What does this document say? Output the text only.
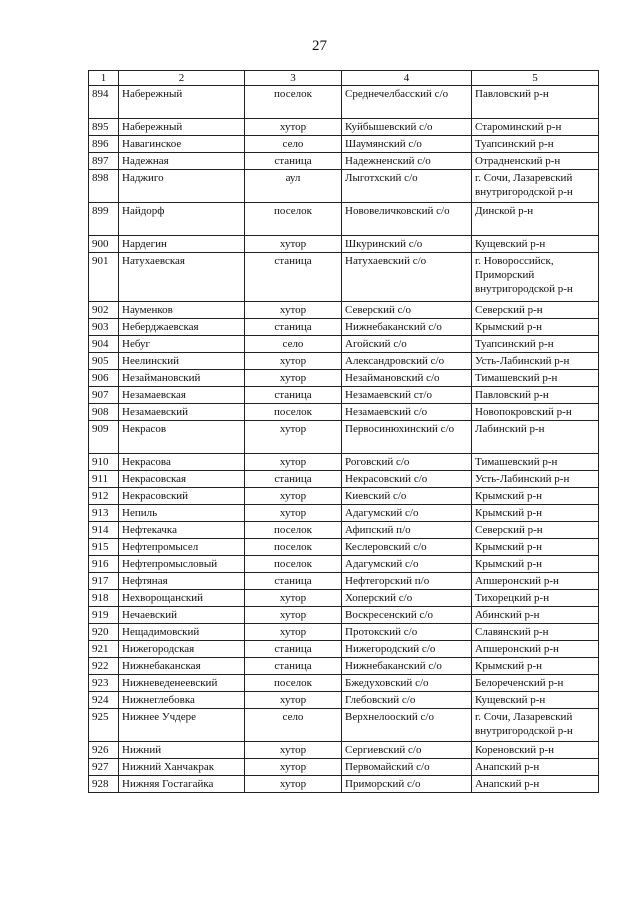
27
1	2	3	4	5
894	Набережный	поселок	Среднечелбасский с/о	Павловский р-н
895	Набережный	хутор	Куйбышевский с/о	Староминский р-н
896	Навагинское	село	Шаумянский с/о	Туапсинский р-н
897	Надежная	станица	Надежненский с/о	Отрадненский р-н
898	Наджиго	аул	Лыготхский с/о	г. Сочи, Лазаревский внутригородской р-н
899	Найдорф	поселок	Нововеличковский с/о	Динской р-н
900	Нардегин	хутор	Шкуринский с/о	Кущевский р-н
901	Натухаевская	станица	Натухаевский с/о	г. Новороссийск, Приморский внутригородской р-н
902	Науменков	хутор	Северский с/о	Северский р-н
903	Неберджаевская	станица	Нижнебаканский с/о	Крымский р-н
904	Небуг	село	Агойский с/о	Туапсинский р-н
905	Неелинский	хутор	Александровский с/о	Усть-Лабинский р-н
906	Незаймановский	хутор	Незаймановский с/о	Тимашевский р-н
907	Незамаевская	станица	Незамаевский ст/о	Павловский р-н
908	Незамаевский	поселок	Незамаевский с/о	Новопокровский р-н
909	Некрасов	хутор	Первосинюхинский с/о	Лабинский р-н
910	Некрасова	хутор	Роговский с/о	Тимашевский р-н
911	Некрасовская	станица	Некрасовский с/о	Усть-Лабинский р-н
912	Некрасовский	хутор	Киевский с/о	Крымский р-н
913	Непиль	хутор	Адагумский с/о	Крымский р-н
914	Нефтекачка	поселок	Афипский п/о	Северский р-н
915	Нефтепромысел	поселок	Кеслеровский с/о	Крымский р-н
916	Нефтепромысловый	поселок	Адагумский с/о	Крымский р-н
917	Нефтяная	станица	Нефтегорский п/о	Апшеронский р-н
918	Нехворощанский	хутор	Хоперский с/о	Тихорецкий р-н
919	Нечаевский	хутор	Воскресенский с/о	Абинский р-н
920	Нещадимовский	хутор	Протокский с/о	Славянский р-н
921	Нижегородская	станица	Нижегородский с/о	Апшеронский р-н
922	Нижнебаканская	станица	Нижнебаканский с/о	Крымский р-н
923	Нижневеденеевский	поселок	Бжедуховский с/о	Белореченский р-н
924	Нижнеглебовка	хутор	Глебовский с/о	Кущевский р-н
925	Нижнее Учдере	село	Верхнелооский с/о	г. Сочи, Лазаревский внутригородской р-н
926	Нижний	хутор	Сергиевский с/о	Кореновский р-н
927	Нижний Ханчакрак	хутор	Первомайский с/о	Анапский р-н
928	Нижняя Гостагайка	хутор	Приморский с/о	Анапский р-н
